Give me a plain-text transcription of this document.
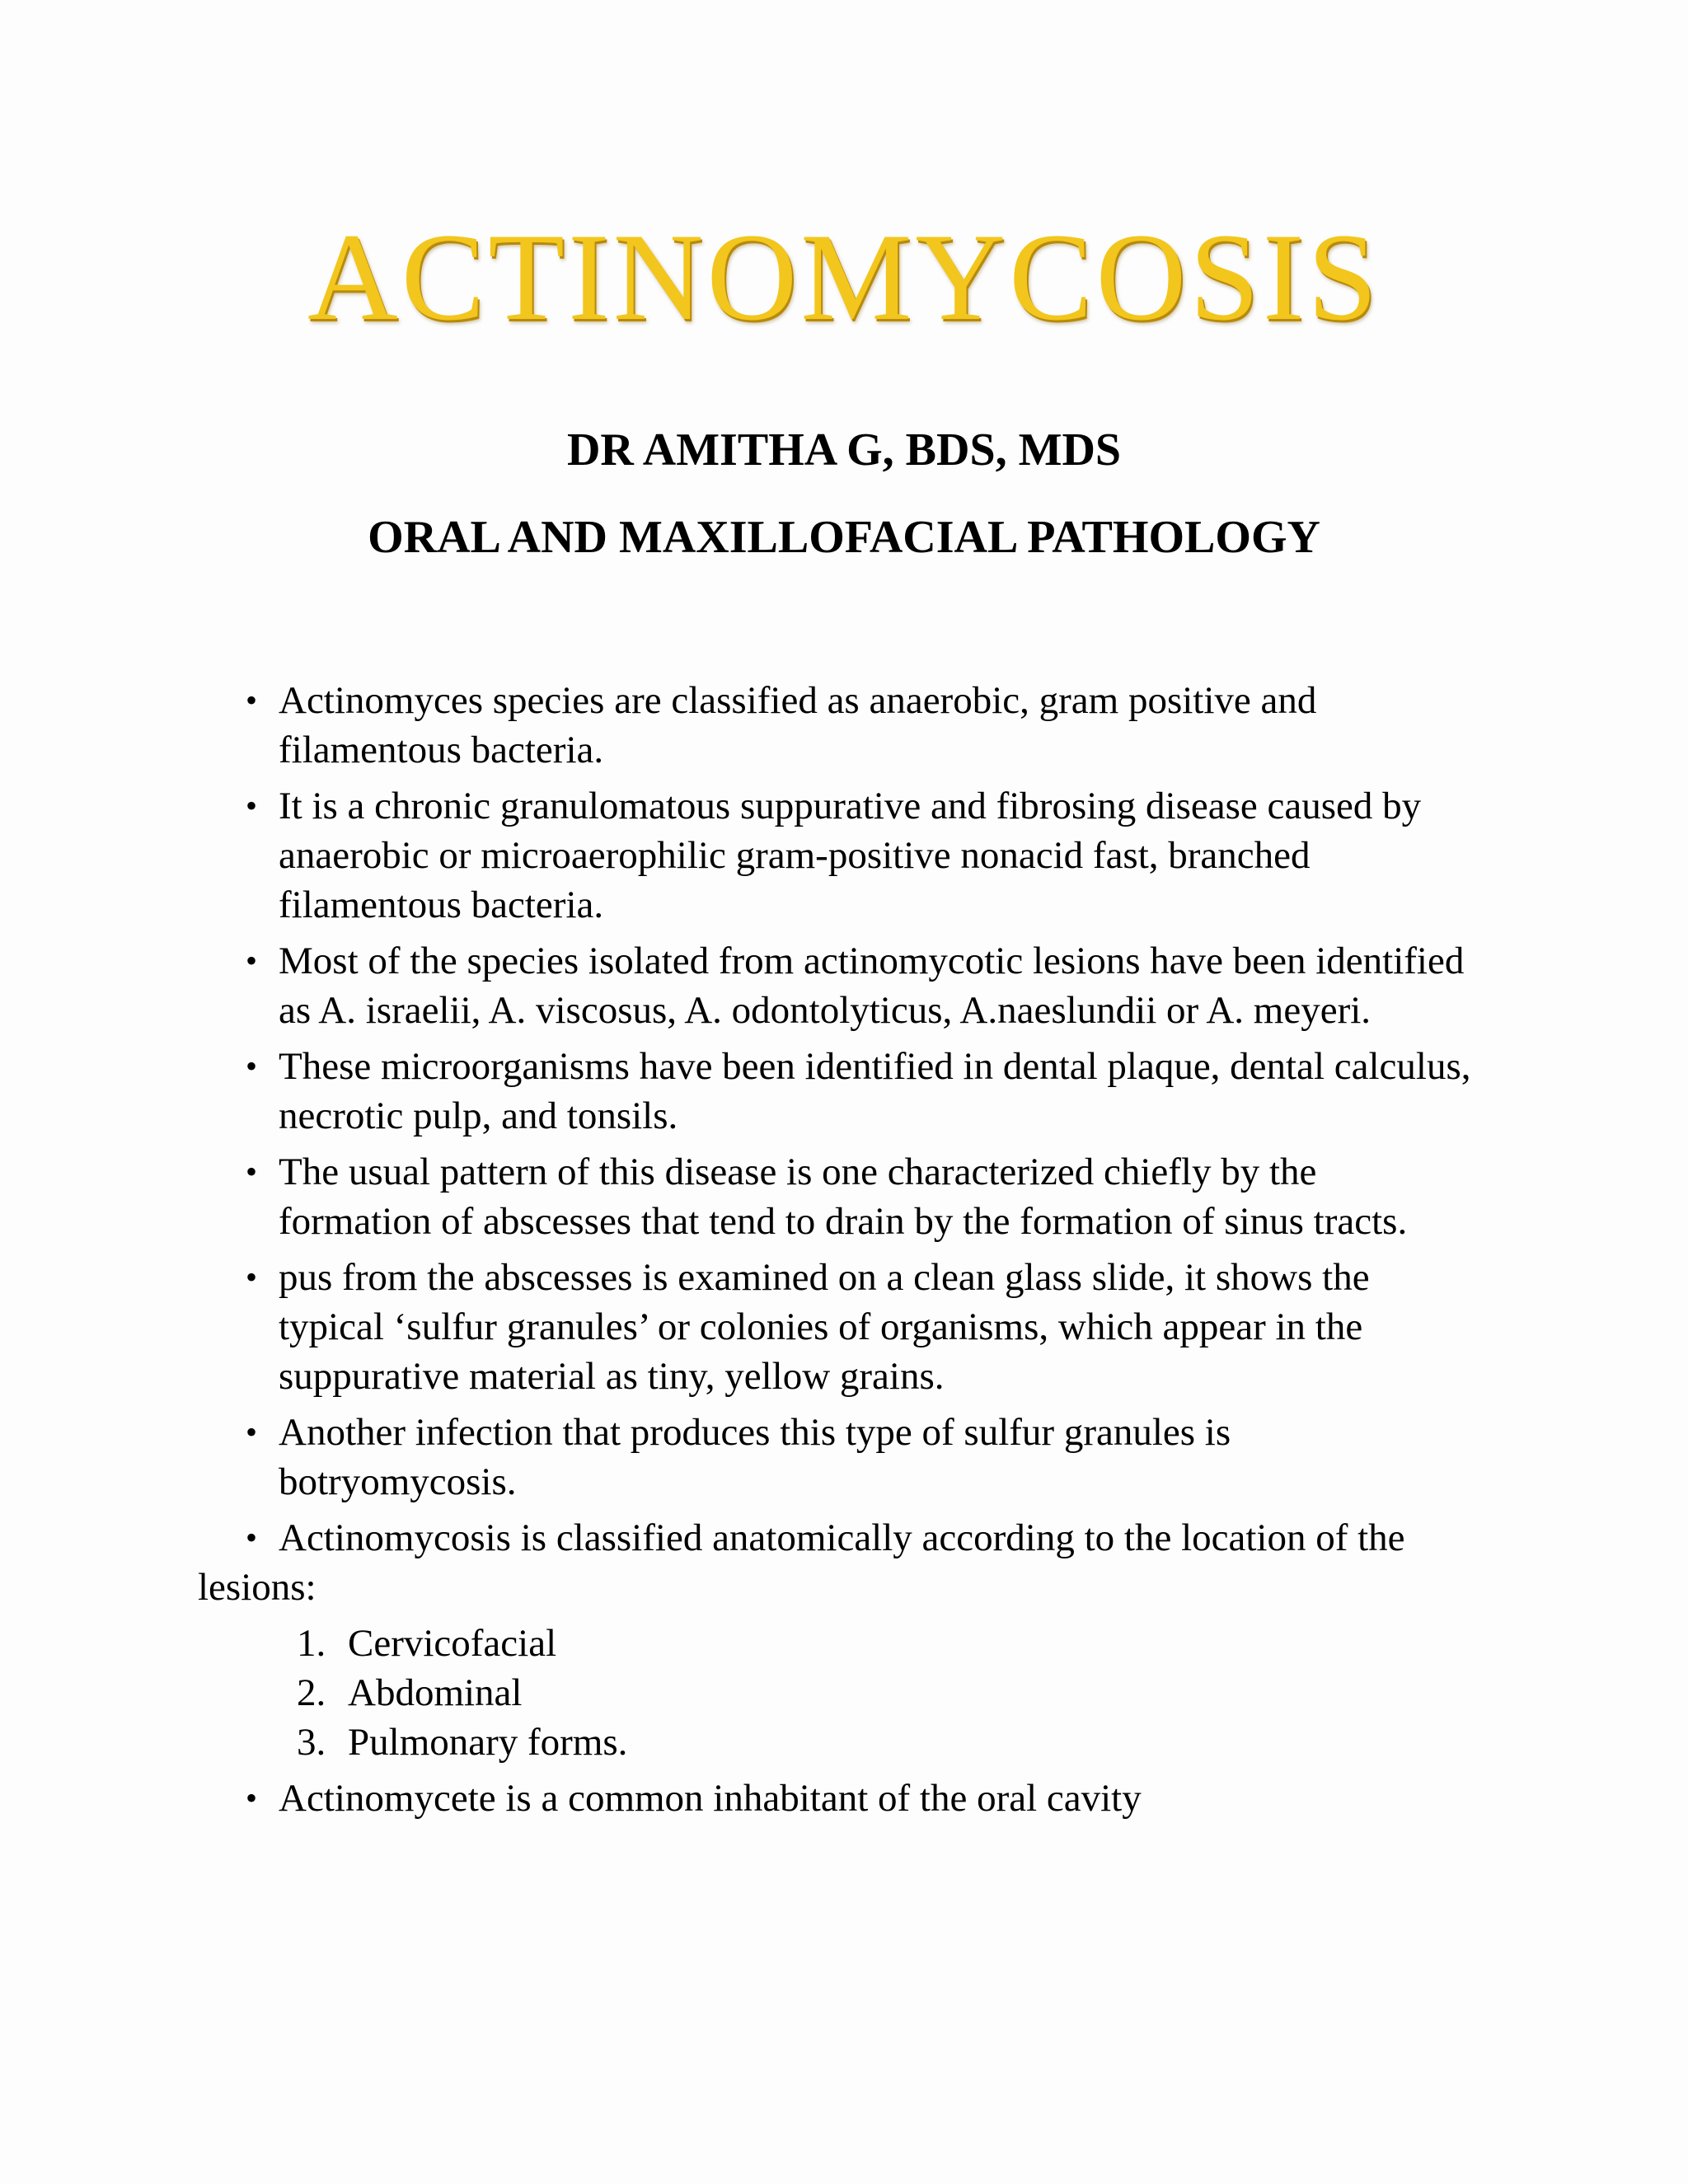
ACTINOMYCOSIS

DR AMITHA G, BDS, MDS

ORAL AND MAXILLOFACIAL PATHOLOGY

• Actinomyces species are classified as anaerobic, gram positive and filamentous bacteria.
• It is a chronic granulomatous suppurative and fibrosing disease caused by anaerobic or microaerophilic gram-positive nonacid fast, branched filamentous bacteria.
• Most of the species isolated from actinomycotic lesions have been identified as A. israelii, A. viscosus, A. odontolyticus, A.naeslundii or A. meyeri.
• These microorganisms have been identified in dental plaque, dental calculus, necrotic pulp, and tonsils.
• The usual pattern of this disease is one characterized chiefly by the formation of abscesses that tend to drain by the formation of sinus tracts.
• pus from the abscesses is examined on a clean glass slide, it shows the typical ‘sulfur granules’ or colonies of organisms, which appear in the suppurative material as tiny, yellow grains.
• Another infection that produces this type of sulfur granules is botryomycosis.
• Actinomycosis is classified anatomically according to the location of the lesions:
1. Cervicofacial
2. Abdominal
3. Pulmonary forms.
• Actinomycete is a common inhabitant of the oral cavity
